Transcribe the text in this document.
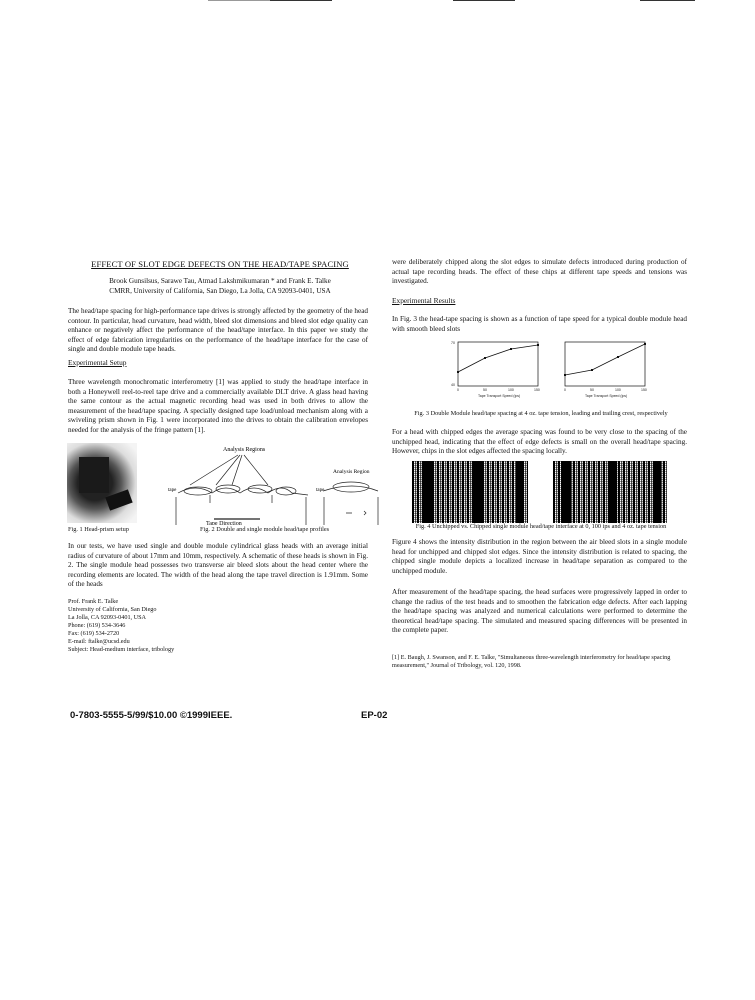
EFFECT OF SLOT EDGE DEFECTS ON THE HEAD/TAPE SPACING
Brook Gunsilsus, Sarawe Tau, Atmad Lakshmikumaran * and Frank E. Talke
CMRR, University of California, San Diego, La Jolla, CA 92093-0401, USA

The head/tape spacing for high-performance tape drives is strongly affected by the geometry of the head contour. In particular, head curvature, head width, bleed slot dimensions and bleed slot edge quality can enhance or negatively affect the performance of the head/tape interface. In this paper we study the effect of edge fabrication irregularities on the performance of the head/tape interface for the case of single and double module tape heads.

Experimental Setup

Three wavelength monochromatic interferometry [1] was applied to study the head/tape interface in both a Honeywell reel-to-reel tape drive and a commercially available DLT drive. A glass head having the same contour as the actual magnetic recording head was used in both drives to allow the measurement of the head/tape spacing. A specially designed tape load/unload mechanism along with a swiveling prism shown in Fig. 1 were incorporated into the drives to obtain the calibration envelopes needed for the analysis of the fringe pattern [1].

Fig. 1 Head-prism setup
Analysis Regions
Analysis Region
tape	tape
Tape Direction
Fig. 2 Double and single module head/tape profiles

In our tests, we have used single and double module cylindrical glass heads with an average initial radius of curvature of about 17mm and 10mm, respectively. A schematic of these heads is shown in Fig. 2. The single module head possesses two transverse air bleed slots about the head center where the recording elements are located. The width of the head along the tape travel direction is 1.91mm. Some of the heads

Prof. Frank E. Talke
University of California, San Diego
La Jolla, CA 92093-0401, USA
Phone: (619) 534-3646
Fax: (619) 534-2720
E-mail: ftalke@ucsd.edu
Subject: Head-medium interface, tribology

were deliberately chipped along the slot edges to simulate defects introduced during production of actual tape recording heads. The effect of these chips at different tape speeds and tensions was investigated.

Experimental Results

In Fig. 3 the head-tape spacing is shown as a function of tape speed for a typical double module head with smooth bleed slots

0	50	100	150
Tape Transport Speed (ips)
40
70
0	50	100	150
Tape Transport Speed (ips)
Fig. 3 Double Module head/tape spacing at 4 oz. tape tension, leading and trailing crest, respectively

For a head with chipped edges the average spacing was found to be very close to the spacing of the unchipped head, indicating that the effect of edge defects is small on the overall head/tape spacing. However, chips in the slot edges affected the spacing locally.

Fig. 4 Unchipped vs. Chipped single module head/tape interface at 0, 100 ips and 4 oz. tape tension

Figure 4 shows the intensity distribution in the region between the air bleed slots in a single module head for unchipped and chipped slot edges. Since the intensity distribution is related to spacing, the chipped single module depicts a localized increase in head/tape separation as compared to the unchipped module.

After measurement of the head/tape spacing, the head surfaces were progressively lapped in order to change the radius of the test heads and to smoothen the fabrication edge defects. After each lapping the head/tape spacing was analyzed and numerical calculations were performed to determine the theoretical head/tape spacing. The simulated and measured spacing differences will be presented in the complete paper.

[1] E. Baugh, J. Swanson, and F. E. Talke, "Simultaneous three-wavelength interferometry for head/tape spacing measurement," Journal of Tribology, vol. 120, 1998.

0-7803-5555-5/99/$10.00 ©1999IEEE.	EP-02
